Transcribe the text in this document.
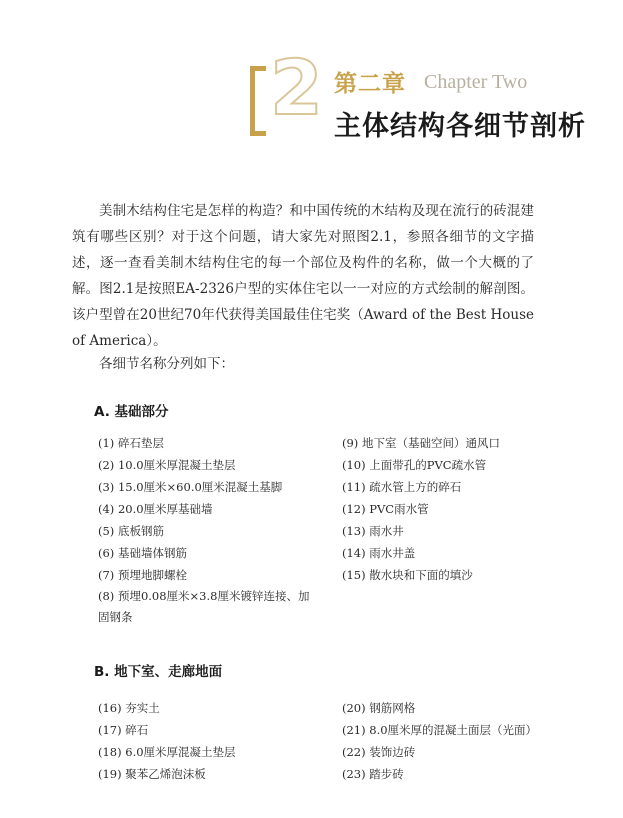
2 第二章 Chapter Two
主体结构各细节剖析

美制木结构住宅是怎样的构造？和中国传统的木结构及现在流行的砖混建筑有哪些区别？对于这个问题，请大家先对照图2.1，参照各细节的文字描述，逐一查看美制木结构住宅的每一个部位及构件的名称，做一个大概的了解。图2.1是按照EA-2326户型的实体住宅以一一对应的方式绘制的解剖图。该户型曾在20世纪70年代获得美国最佳住宅奖（Award of the Best House of America）。

各细节名称分列如下：

A. 基础部分
(1) 碎石垫层
(2) 10.0厘米厚混凝土垫层
(3) 15.0厘米×60.0厘米混凝土基脚
(4) 20.0厘米厚基础墙
(5) 底板钢筋
(6) 基础墙体钢筋
(7) 预埋地脚螺栓
(8) 预埋0.08厘米×3.8厘米镀锌连接、加固钢条
(9) 地下室（基础空间）通风口
(10) 上面带孔的PVC疏水管
(11) 疏水管上方的碎石
(12) PVC雨水管
(13) 雨水井
(14) 雨水井盖
(15) 散水块和下面的填沙
B. 地下室、走廊地面
(16) 夯实土
(17) 碎石
(18) 6.0厘米厚混凝土垫层
(19) 聚苯乙烯泡沫板
(20) 钢筋网格
(21) 8.0厘米厚的混凝土面层（光面）
(22) 装饰边砖
(23) 踏步砖
